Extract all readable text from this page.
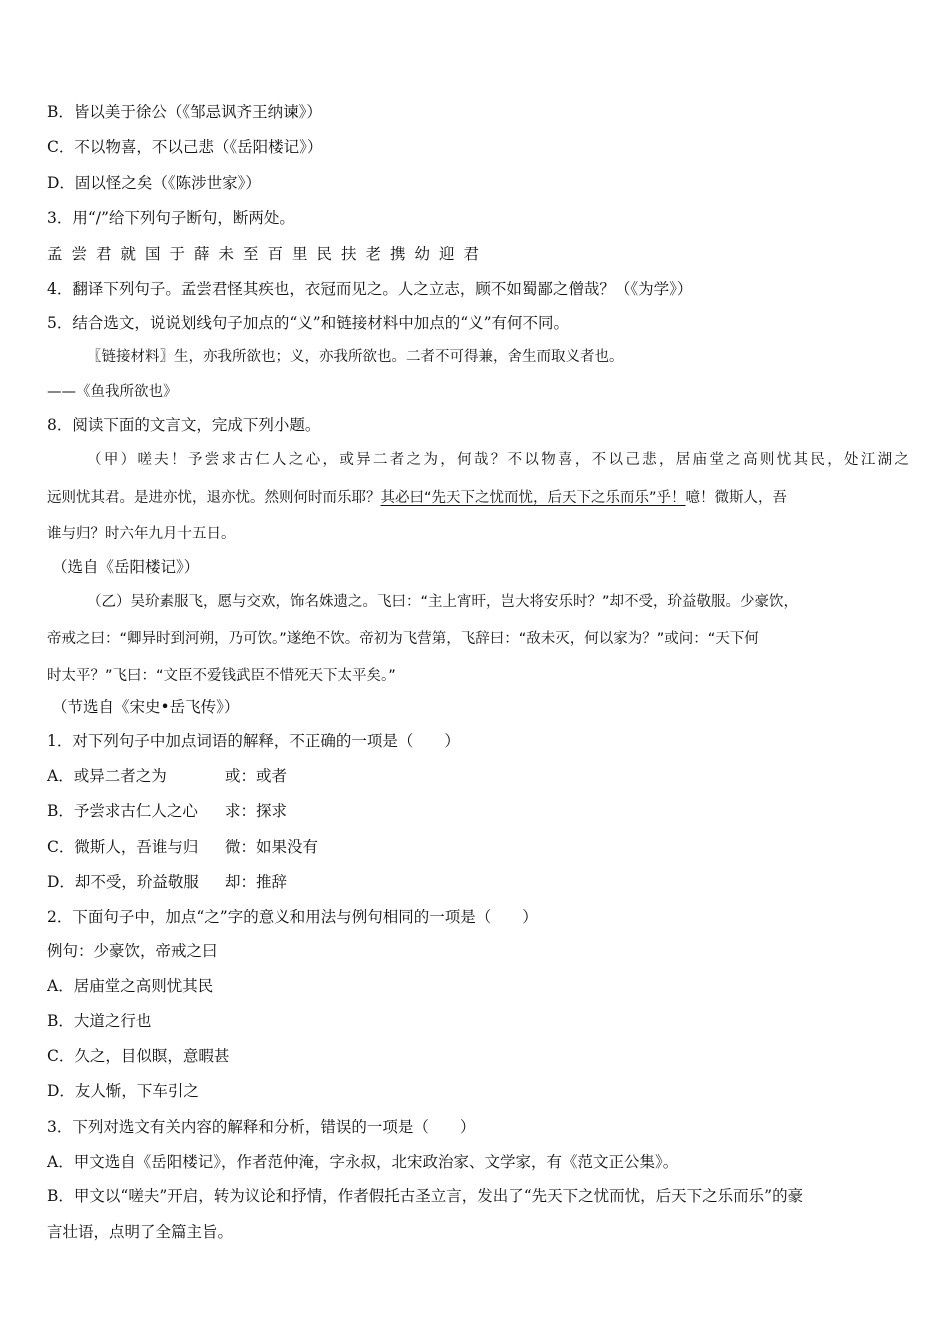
B．皆以美于徐公（《邹忌讽齐王纳谏》）
C．不以物喜，不以己悲（《岳阳楼记》）
D．固以怪之矣（《陈涉世家》）
3．用“/”给下列句子断句，断两处。
孟尝君就国于薛未至百里民扶老携幼迎君
4．翻译下列句子。孟尝君怪其疾也，衣冠而见之。人之立志，顾不如蜀鄙之僧哉？（《为学》）
5．结合选文，说说划线句子加点的“义”和链接材料中加点的“义”有何不同。
〖链接材料〗生，亦我所欲也；义，亦我所欲也。二者不可得兼，舍生而取义者也。
——《鱼我所欲也》
8．阅读下面的文言文，完成下列小题。
（甲）嗟夫！予尝求古仁人之心，或异二者之为，何哉？不以物喜，不以己悲，居庙堂之高则忧其民，处江湖之
远则忧其君。是进亦忧，退亦忧。然则何时而乐耶？其必曰“先天下之忧而忧，后天下之乐而乐”乎！噫！微斯人，吾
谁与归？时六年九月十五日。
（选自《岳阳楼记》）
（乙）吴玠素服飞，愿与交欢，饰名姝遗之。飞曰：“主上宵旰，岂大将安乐时？”却不受，玠益敬服。少豪饮，
帝戒之曰：“卿异时到河朔，乃可饮。”遂绝不饮。帝初为飞营第，飞辞曰：“敌未灭，何以家为？”或问：“天下何
时太平？”飞曰：“文臣不爱钱武臣不惜死天下太平矣。”
（节选自《宋史•岳飞传》）
1．对下列句子中加点词语的解释，不正确的一项是（　　）
A．或异二者之为	或：或者
B．予尝求古仁人之心 求：探求
C．微斯人，吾谁与归 微：如果没有
D．却不受，玠益敬服 却：推辞
2．下面句子中，加点“之”字的意义和用法与例句相同的一项是（　　）
例句：少豪饮，帝戒之曰
A．居庙堂之高则忧其民
B．大道之行也
C．久之，目似瞑，意暇甚
D．友人惭，下车引之
3．下列对选文有关内容的解释和分析，错误的一项是（　　）
A．甲文选自《岳阳楼记》，作者范仲淹，字永叔，北宋政治家、文学家，有《范文正公集》。
B．甲文以“嗟夫”开启，转为议论和抒情，作者假托古圣立言，发出了“先天下之忧而忧，后天下之乐而乐”的豪
言壮语，点明了全篇主旨。
